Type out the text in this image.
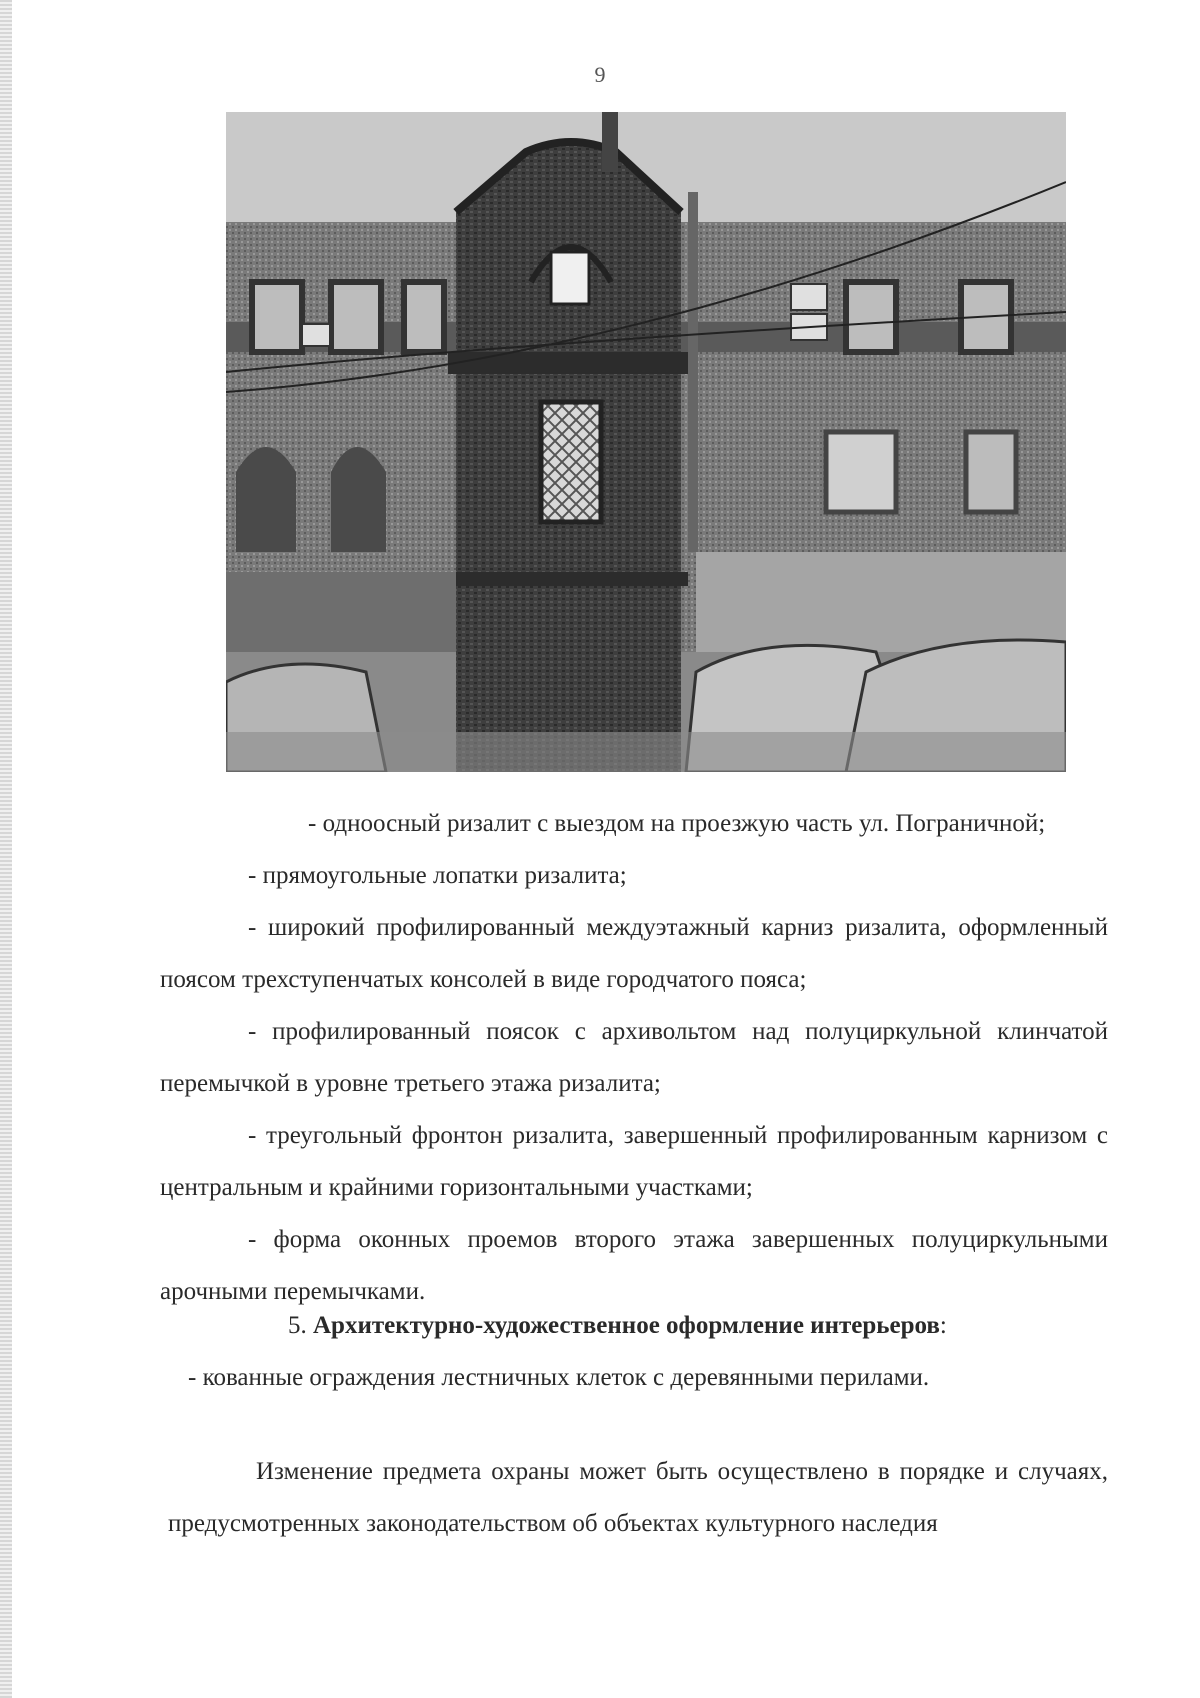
9

- одноосный ризалит с выездом на проезжую часть ул. Пограничной;

- прямоугольные лопатки ризалита;

- широкий профилированный междуэтажный карниз ризалита, оформленный поясом трехступенчатых консолей в виде городчатого пояса;

- профилированный поясок с архивольтом над полуциркульной клинчатой перемычкой в уровне третьего этажа ризалита;

- треугольный фронтон ризалита, завершенный профилированным карнизом с центральным и крайними горизонтальными участками;

- форма оконных проемов второго этажа завершенных полуциркульными арочными перемычками.

5. Архитектурно-художественное оформление интерьеров:

- кованные ограждения лестничных клеток с деревянными перилами.

Изменение предмета охраны может быть осуществлено в порядке и случаях, предусмотренных законодательством об объектах культурного наследия
